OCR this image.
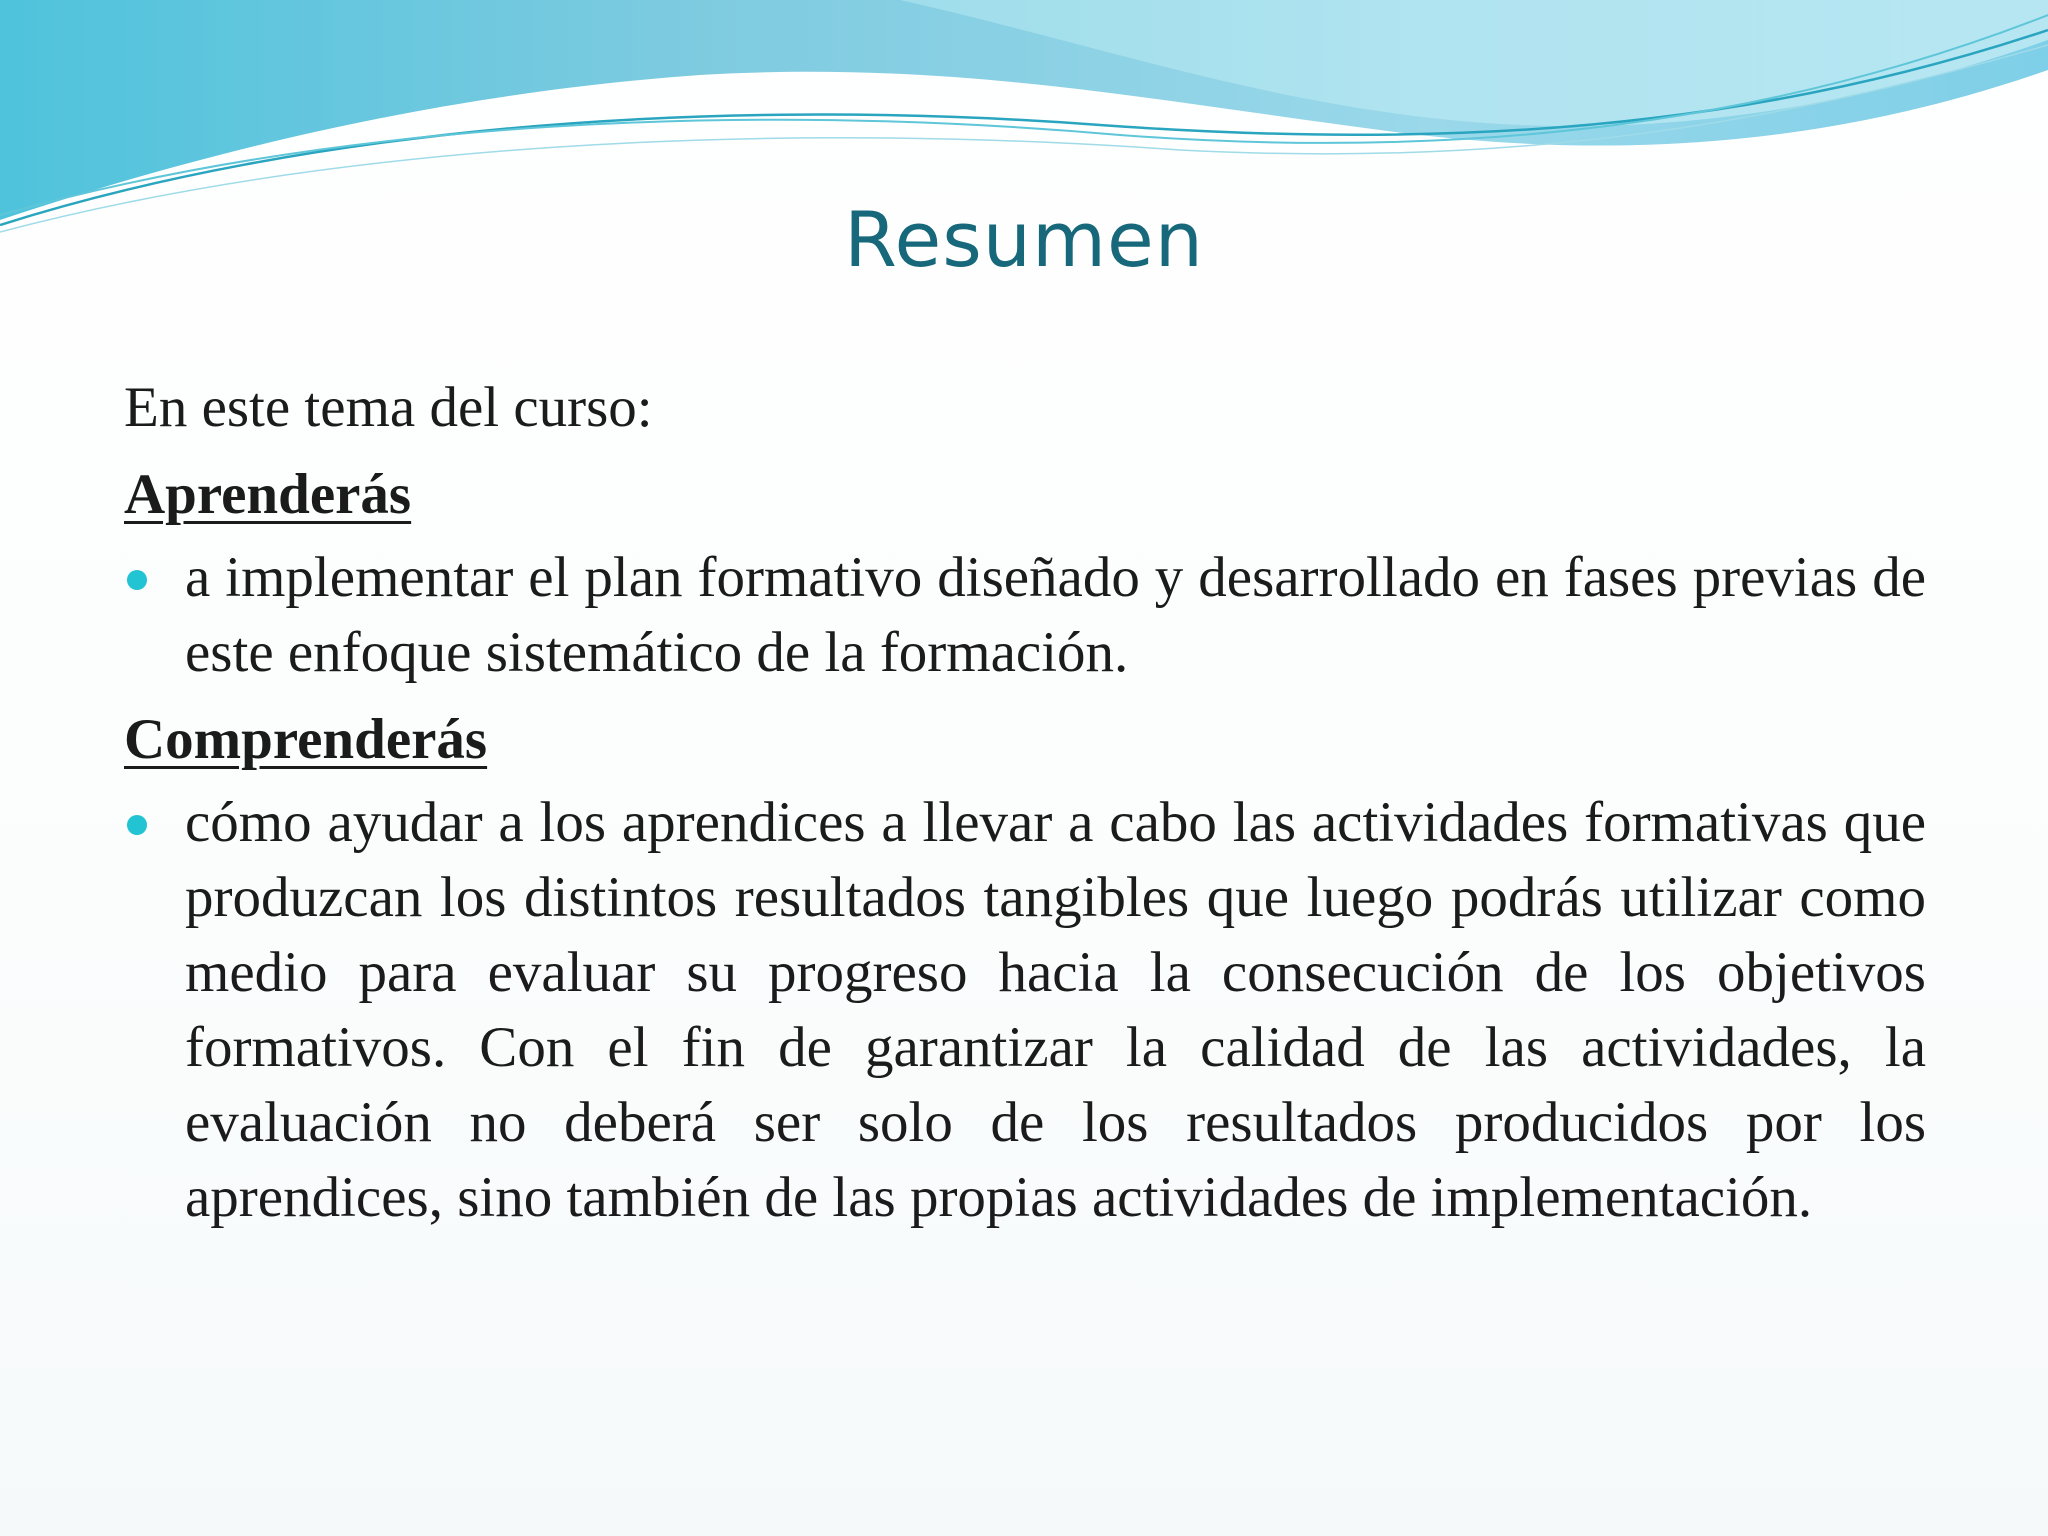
Resumen

En este tema del curso:

Aprenderás

a implementar el plan formativo diseñado y desarrollado en fases previas de este enfoque sistemático de la formación.

Comprenderás

cómo ayudar a los aprendices a llevar a cabo las actividades formativas que produzcan los distintos resultados tangibles que luego podrás utilizar como medio para evaluar su progreso hacia la consecución de los objetivos formativos. Con el fin de garantizar la calidad de las actividades, la evaluación no deberá ser solo de los resultados producidos por los aprendices, sino también de las propias actividades de implementación.
